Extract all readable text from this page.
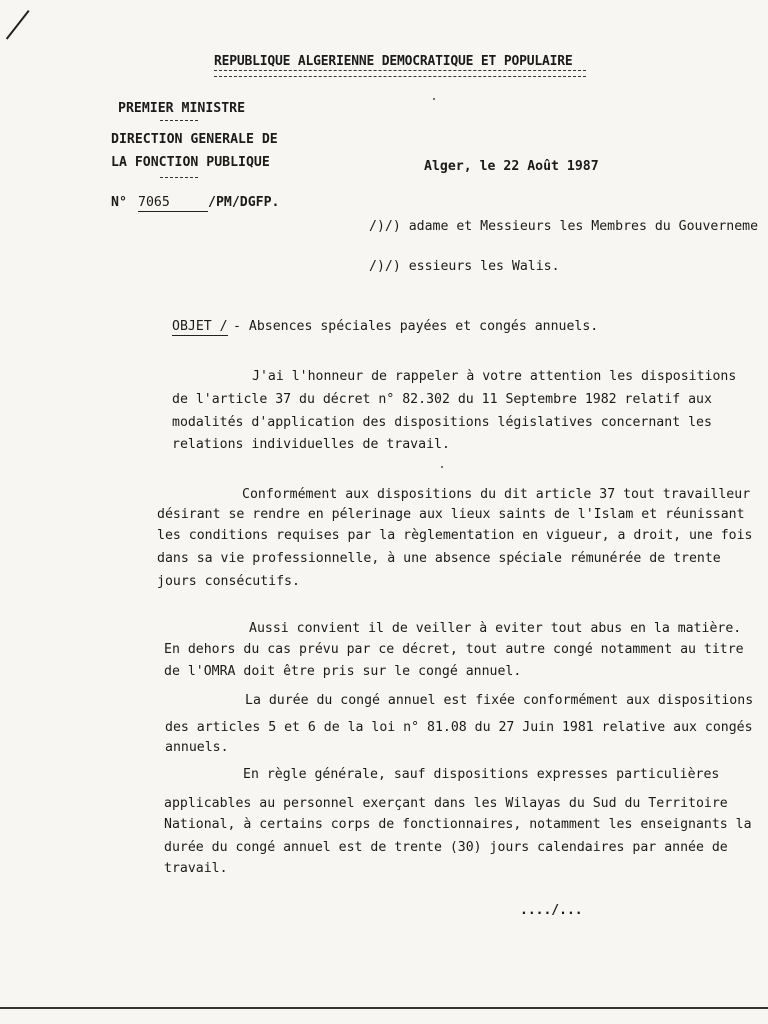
REPUBLIQUE ALGERIENNE DEMOCRATIQUE ET POPULAIRE
PREMIER MINISTRE
DIRECTION GENERALE DE
LA FONCTION PUBLIQUE	Alger, le 22 Août 1987
N° 7065	/PM/DGFP.
/)/) adame et Messieurs les Membres du Gouverneme
/)/) essieurs les Walis.
OBJET / - Absences spéciales payées et congés annuels.
J'ai l'honneur de rappeler à votre attention les dispositions
de l'article 37 du décret n° 82.302 du 11 Septembre 1982 relatif aux
modalités d'application des dispositions législatives concernant les
relations individuelles de travail.
Conformément aux dispositions du dit article 37 tout travailleur
désirant se rendre en pélerinage aux lieux saints de l'Islam et réunissant
les conditions requises par la règlementation en vigueur, a droit, une fois
dans sa vie professionnelle, à une absence spéciale rémunérée de trente
jours consécutifs.
Aussi convient il de veiller à eviter tout abus en la matière.
En dehors du cas prévu par ce décret, tout autre congé notamment au titre
de l'OMRA doit être pris sur le congé annuel.
La durée du congé annuel est fixée conformément aux dispositions
des articles 5 et 6 de la loi n° 81.08 du 27 Juin 1981 relative aux congés
annuels.
En règle générale, sauf dispositions expresses particulières
applicables au personnel exerçant dans les Wilayas du Sud du Territoire
National, à certains corps de fonctionnaires, notamment les enseignants la
durée du congé annuel est de trente (30) jours calendaires par année de
travail.
..../...
